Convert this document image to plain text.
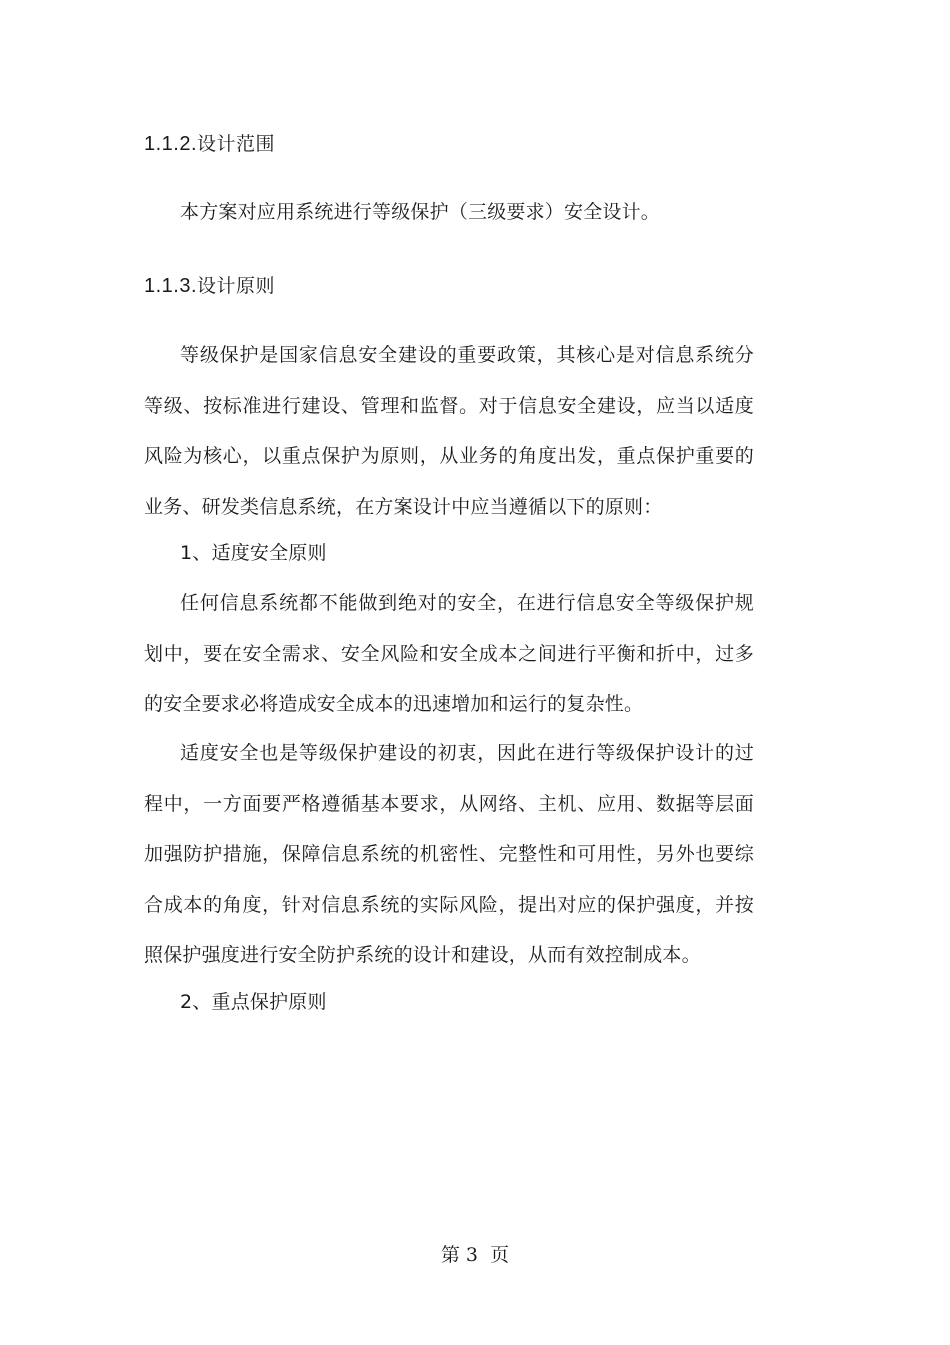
1.1.2.设计范围
本方案对应用系统进行等级保护（三级要求）安全设计。
1.1.3.设计原则

等级保护是国家信息安全建设的重要政策，其核心是对信息系统分等级、按标准进行建设、管理和监督。对于信息安全建设，应当以适度风险为核心，以重点保护为原则，从业务的角度出发，重点保护重要的业务、研发类信息系统，在方案设计中应当遵循以下的原则：

1、适度安全原则

任何信息系统都不能做到绝对的安全，在进行信息安全等级保护规划中，要在安全需求、安全风险和安全成本之间进行平衡和折中，过多的安全要求必将造成安全成本的迅速增加和运行的复杂性。

适度安全也是等级保护建设的初衷，因此在进行等级保护设计的过程中，一方面要严格遵循基本要求，从网络、主机、应用、数据等层面加强防护措施，保障信息系统的机密性、完整性和可用性，另外也要综合成本的角度，针对信息系统的实际风险，提出对应的保护强度，并按照保护强度进行安全防护系统的设计和建设，从而有效控制成本。

2、重点保护原则
第 3  页
